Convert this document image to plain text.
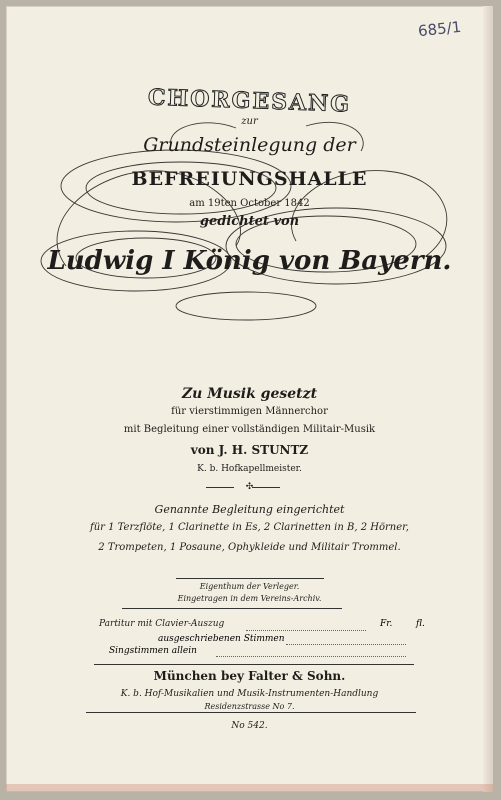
685/1
CHORGESANG
zur
Grundsteinlegung der
BEFREIUNGSHALLE
am 19ten October 1842
gedichtet von
Ludwig I König von Bayern.
Zu Musik gesetzt
für vierstimmigen Männerchor
mit Begleitung einer vollständigen Militair-Musik
von J. H. STUNTZ
K. b. Hofkapellmeister.
✣
Genannte Begleitung eingerichtet
für 1 Terzflöte, 1 Clarinette in Es, 2 Clarinetten in B, 2 Hörner,
2 Trompeten, 1 Posaune, Ophykleide und Militair Trommel.
Eigenthum der Verleger.
Eingetragen in dem Vereins-Archiv.
Partitur mit Clavier-Auszug	Fr.	fl.
ausgeschriebenen Stimmen
Singstimmen allein
München bey Falter & Sohn.
K. b. Hof-Musikalien und Musik-Instrumenten-Handlung
Residenzstrasse No 7.
No 542.
